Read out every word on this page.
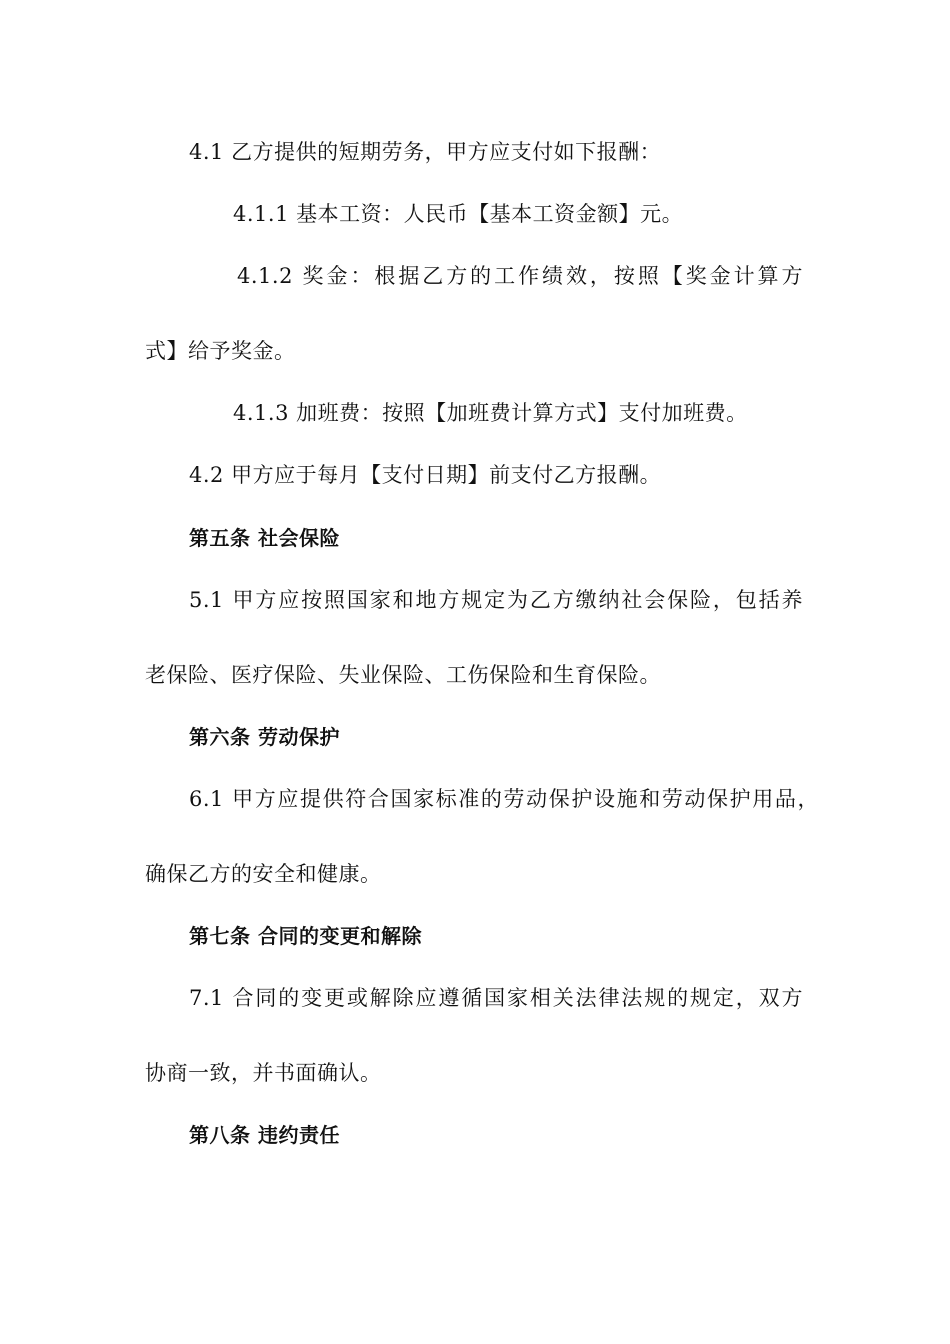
4.1 乙方提供的短期劳务，甲方应支付如下报酬：
4.1.1 基本工资：人民币【基本工资金额】元。
4.1.2 奖金：根据乙方的工作绩效，按照【奖金计算方
式】给予奖金。
4.1.3 加班费：按照【加班费计算方式】支付加班费。
4.2 甲方应于每月【支付日期】前支付乙方报酬。
第五条 社会保险
5.1 甲方应按照国家和地方规定为乙方缴纳社会保险，包括养
老保险、医疗保险、失业保险、工伤保险和生育保险。
第六条 劳动保护
6.1 甲方应提供符合国家标准的劳动保护设施和劳动保护用品，
确保乙方的安全和健康。
第七条 合同的变更和解除
7.1 合同的变更或解除应遵循国家相关法律法规的规定，双方
协商一致，并书面确认。
第八条 违约责任
